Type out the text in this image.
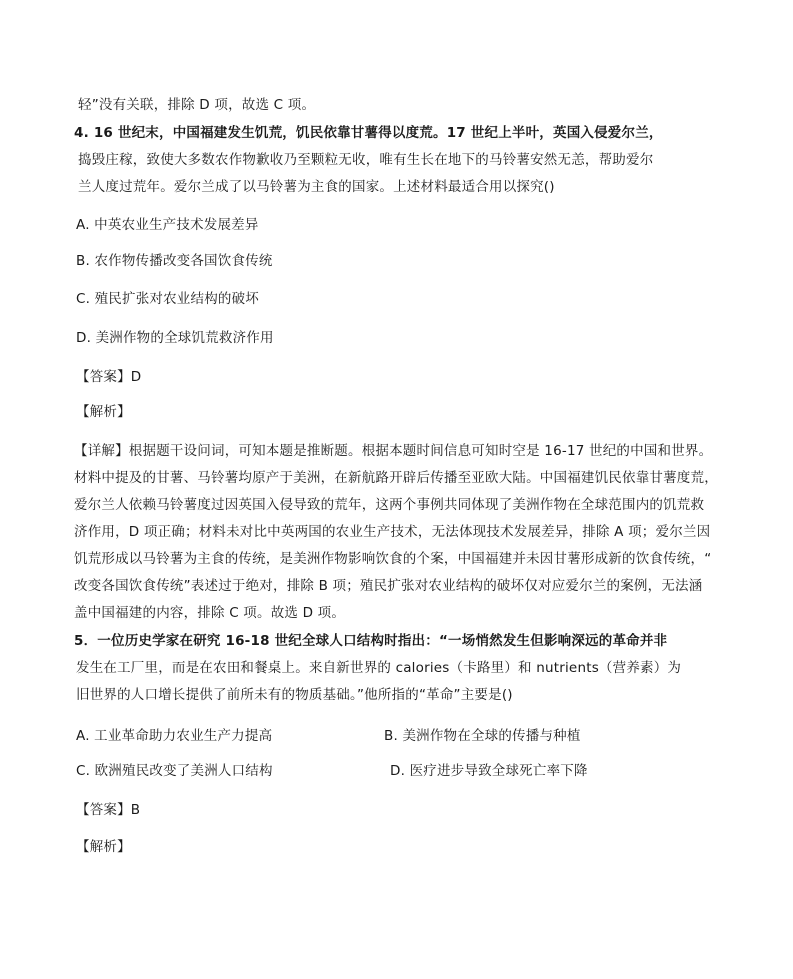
轻”没有关联，排除 D 项，故选 C 项。
4. 16 世纪末，中国福建发生饥荒，饥民依靠甘薯得以度荒。17 世纪上半叶，英国入侵爱尔兰，
捣毁庄稼，致使大多数农作物歉收乃至颗粒无收，唯有生长在地下的马铃薯安然无恙，帮助爱尔
兰人度过荒年。爱尔兰成了以马铃薯为主食的国家。上述材料最适合用以探究()
A. 中英农业生产技术发展差异
B. 农作物传播改变各国饮食传统
C. 殖民扩张对农业结构的破坏
D. 美洲作物的全球饥荒救济作用
【答案】D
【解析】
【详解】根据题干设问词，可知本题是推断题。根据本题时间信息可知时空是 16-17 世纪的中国和世界。
材料中提及的甘薯、马铃薯均原产于美洲，在新航路开辟后传播至亚欧大陆。中国福建饥民依靠甘薯度荒，
爱尔兰人依赖马铃薯度过因英国入侵导致的荒年，这两个事例共同体现了美洲作物在全球范围内的饥荒救
济作用，D 项正确；材料未对比中英两国的农业生产技术，无法体现技术发展差异，排除 A 项；爱尔兰因
饥荒形成以马铃薯为主食的传统，是美洲作物影响饮食的个案，中国福建并未因甘薯形成新的饮食传统，“
改变各国饮食传统”表述过于绝对，排除 B 项；殖民扩张对农业结构的破坏仅对应爱尔兰的案例，无法涵
盖中国福建的内容，排除 C 项。故选 D 项。
5．一位历史学家在研究 16-18 世纪全球人口结构时指出：“一场悄然发生但影响深远的革命并非
发生在工厂里，而是在农田和餐桌上。来自新世界的 calories（卡路里）和 nutrients（营养素）为
旧世界的人口增长提供了前所未有的物质基础。”他所指的“革命”主要是()
A. 工业革命助力农业生产力提高	B. 美洲作物在全球的传播与种植
C. 欧洲殖民改变了美洲人口结构	D. 医疗进步导致全球死亡率下降
【答案】B
【解析】
